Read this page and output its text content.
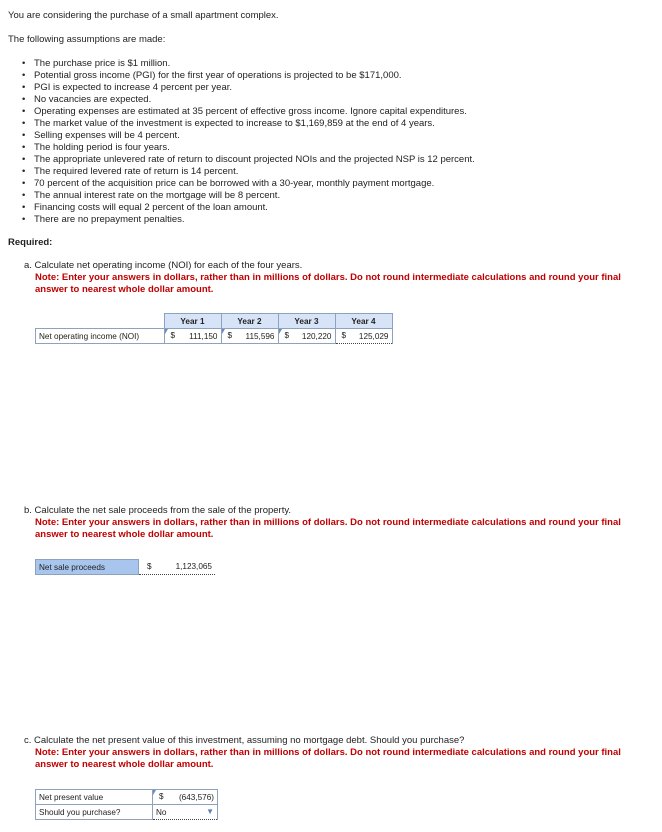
You are considering the purchase of a small apartment complex.
The following assumptions are made:
• The purchase price is $1 million.
• Potential gross income (PGI) for the first year of operations is projected to be $171,000.
• PGI is expected to increase 4 percent per year.
• No vacancies are expected.
• Operating expenses are estimated at 35 percent of effective gross income. Ignore capital expenditures.
• The market value of the investment is expected to increase to $1,169,859 at the end of 4 years.
• Selling expenses will be 4 percent.
• The holding period is four years.
• The appropriate unlevered rate of return to discount projected NOIs and the projected NSP is 12 percent.
• The required levered rate of return is 14 percent.
• 70 percent of the acquisition price can be borrowed with a 30-year, monthly payment mortgage.
• The annual interest rate on the mortgage will be 8 percent.
• Financing costs will equal 2 percent of the loan amount.
• There are no prepayment penalties.
Required:
a. Calculate net operating income (NOI) for each of the four years.
Note: Enter your answers in dollars, rather than in millions of dollars. Do not round intermediate calculations and round your final answer to nearest whole dollar amount.
	Year 1	Year 2	Year 3	Year 4
Net operating income (NOI)	$ 111,150	$ 115,596	$ 120,220	$ 125,029
b. Calculate the net sale proceeds from the sale of the property.
Note: Enter your answers in dollars, rather than in millions of dollars. Do not round intermediate calculations and round your final answer to nearest whole dollar amount.
Net sale proceeds	$	1,123,065
c. Calculate the net present value of this investment, assuming no mortgage debt. Should you purchase?
Note: Enter your answers in dollars, rather than in millions of dollars. Do not round intermediate calculations and round your final answer to nearest whole dollar amount.
Net present value	$ (643,576)

Should you purchase?	No ▼
